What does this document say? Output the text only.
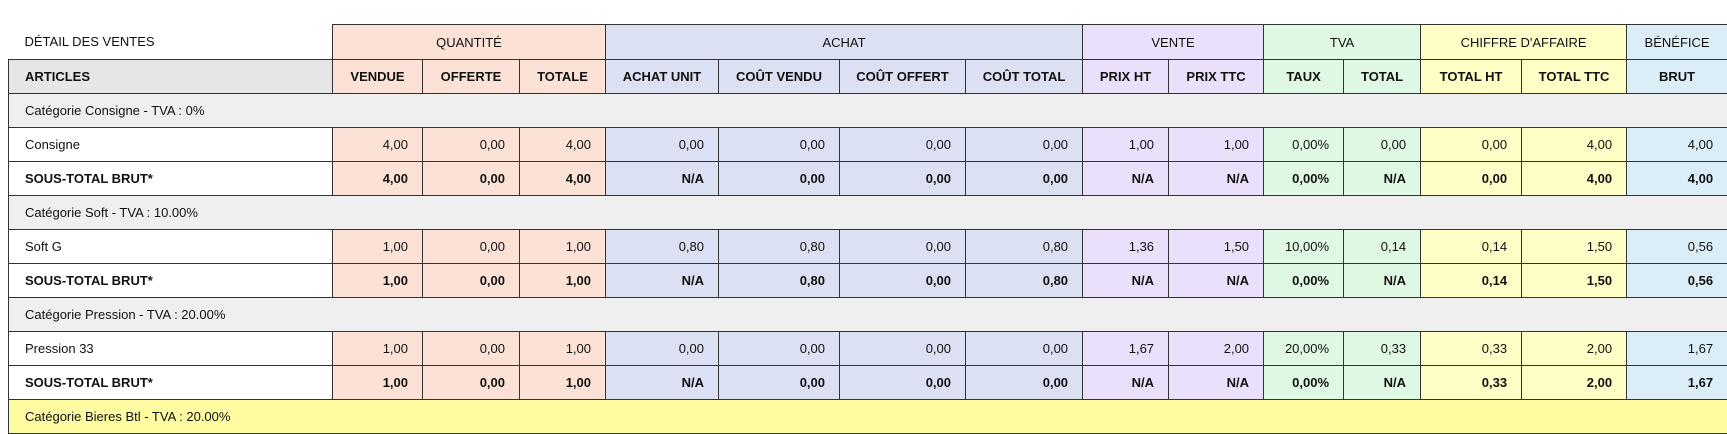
DÉTAIL DES VENTES	QUANTITÉ			ACHAT				VENTE		TVA		CHIFFRE D'AFFAIRE		BÉNÉFICE
ARTICLES	VENDUE	OFFERTE	TOTALE	ACHAT UNIT	COÛT VENDU	COÛT OFFERT	COÛT TOTAL	PRIX HT	PRIX TTC	TAUX	TOTAL	TOTAL HT	TOTAL TTC	BRUT
Catégorie Consigne - TVA : 0%														
Consigne	4,00	0,00	4,00	0,00	0,00	0,00	0,00	1,00	1,00	0,00%	0,00	0,00	4,00	4,00
SOUS-TOTAL BRUT*	4,00	0,00	4,00	N/A	0,00	0,00	0,00	N/A	N/A	0,00%	N/A	0,00	4,00	4,00
Catégorie Soft - TVA : 10.00%														
Soft G	1,00	0,00	1,00	0,80	0,80	0,00	0,80	1,36	1,50	10,00%	0,14	0,14	1,50	0,56
SOUS-TOTAL BRUT*	1,00	0,00	1,00	N/A	0,80	0,00	0,80	N/A	N/A	0,00%	N/A	0,14	1,50	0,56
Catégorie Pression - TVA : 20.00%														
Pression 33	1,00	0,00	1,00	0,00	0,00	0,00	0,00	1,67	2,00	20,00%	0,33	0,33	2,00	1,67
SOUS-TOTAL BRUT*	1,00	0,00	1,00	N/A	0,00	0,00	0,00	N/A	N/A	0,00%	N/A	0,33	2,00	1,67
Catégorie Bieres Btl - TVA : 20.00%														
